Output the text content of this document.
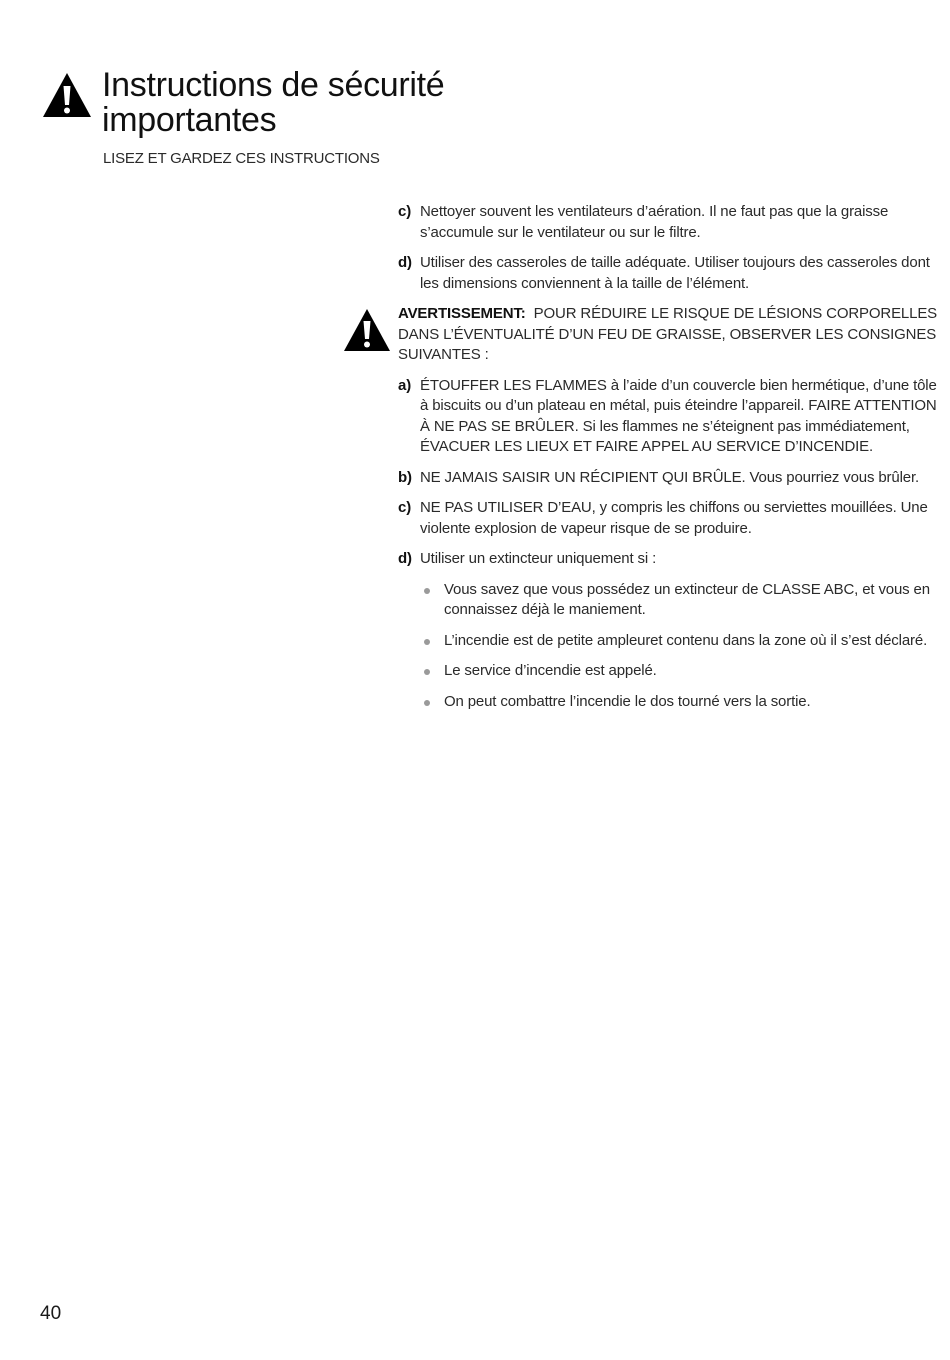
Instructions de sécurité importantes
LISEZ ET GARDEZ CES INSTRUCTIONS
c) Nettoyer souvent les ventilateurs d’aération. Il ne faut pas que la graisse s’accumule sur le ventilateur ou sur le filtre.
d) Utiliser des casseroles de taille adéquate. Utiliser toujours des casseroles dont les dimensions conviennent à la taille de l’élément.
AVERTISSEMENT: POUR RÉDUIRE LE RISQUE DE LÉSIONS CORPORELLES DANS L’ÉVENTUALITÉ D’UN FEU DE GRAISSE, OBSERVER LES CONSIGNES SUIVANTES :
a) ÉTOUFFER LES FLAMMES à l’aide d’un couvercle bien hermétique, d’une tôle à biscuits ou d’un plateau en métal, puis éteindre l’appareil. FAIRE ATTENTION À NE PAS SE BRÛLER. Si les flammes ne s’éteignent pas immédiatement, ÉVACUER LES LIEUX ET FAIRE APPEL AU SERVICE D’INCENDIE.
b) NE JAMAIS SAISIR UN RÉCIPIENT QUI BRÛLE. Vous pourriez vous brûler.
c) NE PAS UTILISER D’EAU, y compris les chiffons ou serviettes mouillées. Une violente explosion de vapeur risque de se produire.
d) Utiliser un extincteur uniquement si :
Vous savez que vous possédez un extincteur de CLASSE ABC, et vous en connaissez déjà le maniement.
L’incendie est de petite ampleuret contenu dans la zone où il s’est déclaré.
Le service d’incendie est appelé.
On peut combattre l’incendie le dos tourné vers la sortie.
40
